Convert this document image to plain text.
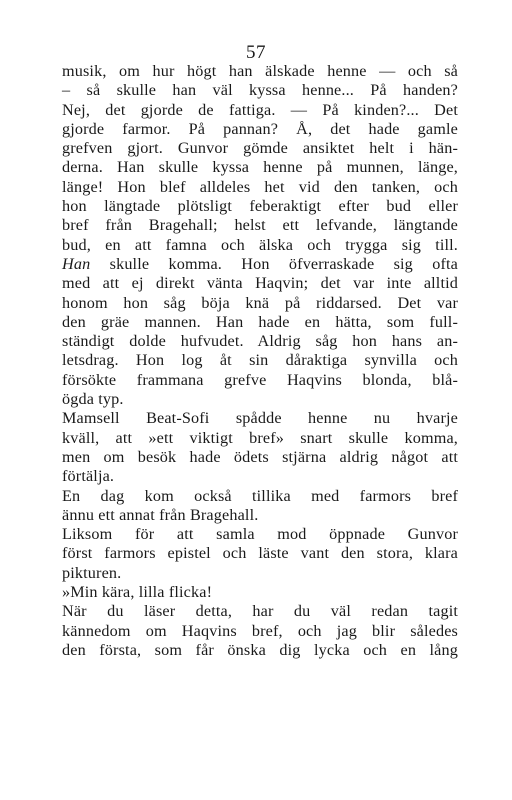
57
musik, om hur högt han älskade henne — och så
– så skulle han väl kyssa henne... På handen?
Nej, det gjorde de fattiga. — På kinden?... Det
gjorde farmor. På pannan? Å, det hade gamle
grefven gjort. Gunvor gömde ansiktet helt i hän-
derna. Han skulle kyssa henne på munnen, länge,
länge! Hon blef alldeles het vid den tanken, och
hon längtade plötsligt feberaktigt efter bud eller
bref från Bragehall; helst ett lefvande, längtande
bud, en att famna och älska och trygga sig till.
Han skulle komma. Hon öfverraskade sig ofta
med att ej direkt vänta Haqvin; det var inte alltid
honom hon såg böja knä på riddarsed. Det var
den gräe mannen. Han hade en hätta, som full-
ständigt dolde hufvudet. Aldrig såg hon hans an-
letsdrag. Hon log åt sin dåraktiga synvilla och
försökte frammana grefve Haqvins blonda, blå-
ögda typ.
Mamsell Beat-Sofi spådde henne nu hvarje
kväll, att »ett viktigt bref» snart skulle komma,
men om besök hade ödets stjärna aldrig något att
förtälja.
En dag kom också tillika med farmors bref
ännu ett annat från Bragehall.
Liksom för att samla mod öppnade Gunvor
först farmors epistel och läste vant den stora, klara
pikturen.
»Min kära, lilla flicka!
När du läser detta, har du väl redan tagit
kännedom om Haqvins bref, och jag blir således
den första, som får önska dig lycka och en lång
